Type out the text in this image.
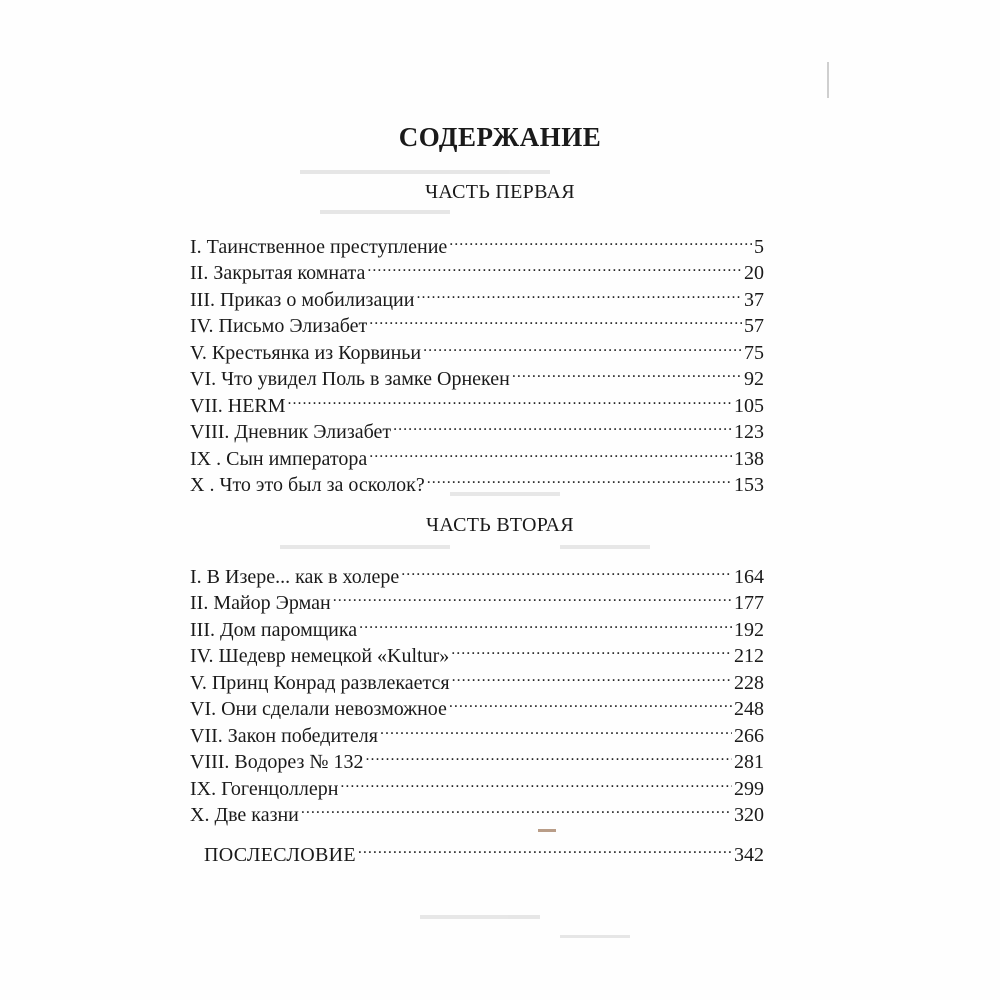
СОДЕРЖАНИЕ
ЧАСТЬ ПЕРВАЯ
I. Таинственное преступление .....	5
II. Закрытая комната .....	20
III. Приказ о мобилизации .....	37
IV. Письмо Элизабет .....	57
V. Крестьянка из Корвиньи .....	75
VI. Что увидел Поль в замке Орнекен .....	92
VII. HERM .....	105
VIII. Дневник Элизабет .....	123
IX . Сын императора .....	138
X . Что это был за осколок? .....	153
ЧАСТЬ ВТОРАЯ
I. В Изере... как в холере .....	164
II. Майор Эрман .....	177
III. Дом паромщика .....	192
IV. Шедевр немецкой «Kultur» .....	212
V. Принц Конрад развлекается .....	228
VI. Они сделали невозможное .....	248
VII. Закон победителя .....	266
VIII. Водорез № 132 .....	281
IX. Гогенцоллерн .....	299
X. Две казни .....	320
ПОСЛЕСЛОВИЕ .....	342
